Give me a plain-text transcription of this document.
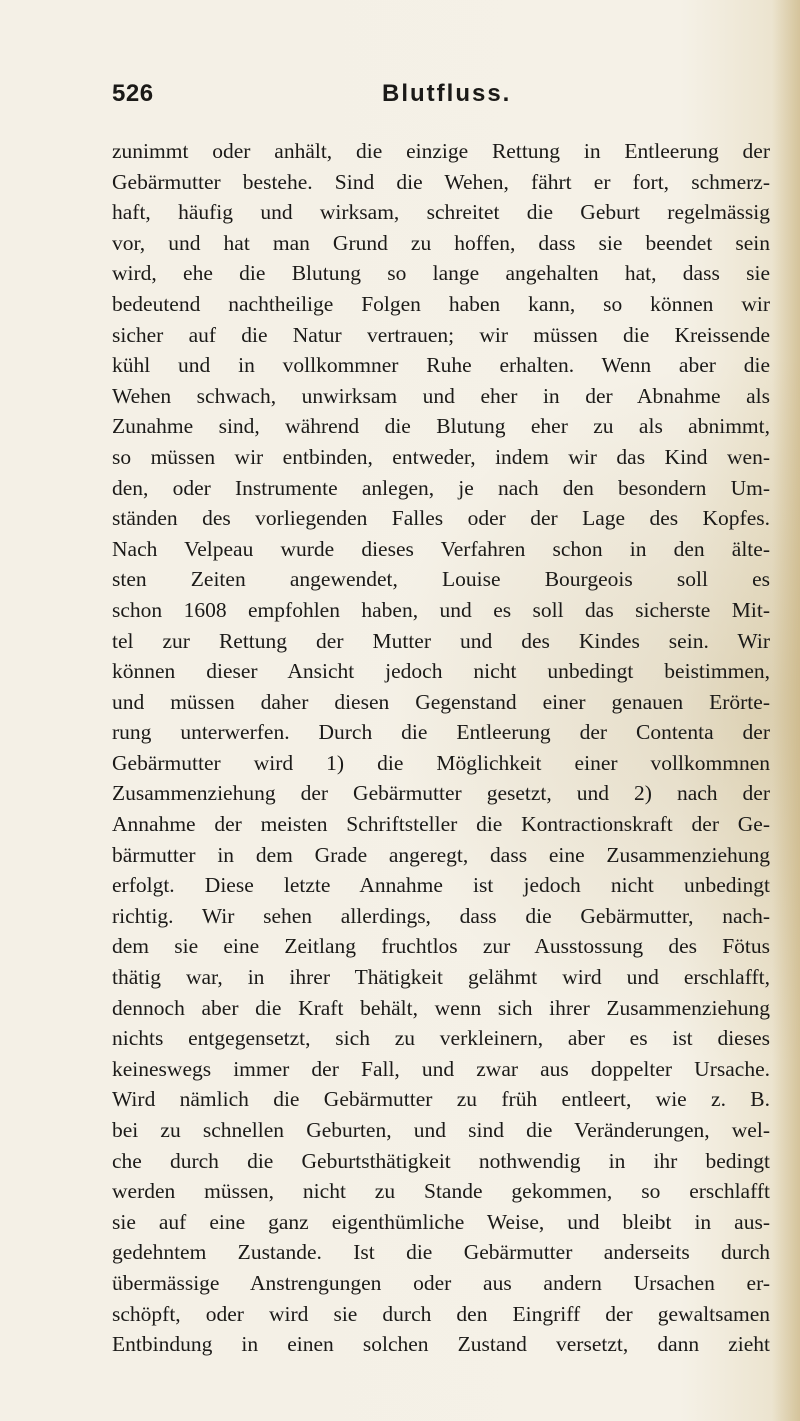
526	Blutfluss.
zunimmt oder anhält, die einzige Rettung in Entleerung der
Gebärmutter bestehe. Sind die Wehen, fährt er fort, schmerz-
haft, häufig und wirksam, schreitet die Geburt regelmässig
vor, und hat man Grund zu hoffen, dass sie beendet sein
wird, ehe die Blutung so lange angehalten hat, dass sie
bedeutend nachtheilige Folgen haben kann, so können wir
sicher auf die Natur vertrauen; wir müssen die Kreissende
kühl und in vollkommner Ruhe erhalten. Wenn aber die
Wehen schwach, unwirksam und eher in der Abnahme als
Zunahme sind, während die Blutung eher zu als abnimmt,
so müssen wir entbinden, entweder, indem wir das Kind wen-
den, oder Instrumente anlegen, je nach den besondern Um-
ständen des vorliegenden Falles oder der Lage des Kopfes.
Nach Velpeau wurde dieses Verfahren schon in den älte-
sten Zeiten angewendet, Louise Bourgeois soll es
schon 1608 empfohlen haben, und es soll das sicherste Mit-
tel zur Rettung der Mutter und des Kindes sein. Wir
können dieser Ansicht jedoch nicht unbedingt beistimmen,
und müssen daher diesen Gegenstand einer genauen Erörte-
rung unterwerfen. Durch die Entleerung der Contenta der
Gebärmutter wird 1) die Möglichkeit einer vollkommnen
Zusammenziehung der Gebärmutter gesetzt, und 2) nach der
Annahme der meisten Schriftsteller die Kontractionskraft der Ge-
bärmutter in dem Grade angeregt, dass eine Zusammenziehung
erfolgt. Diese letzte Annahme ist jedoch nicht unbedingt
richtig. Wir sehen allerdings, dass die Gebärmutter, nach-
dem sie eine Zeitlang fruchtlos zur Ausstossung des Fötus
thätig war, in ihrer Thätigkeit gelähmt wird und erschlafft,
dennoch aber die Kraft behält, wenn sich ihrer Zusammenziehung
nichts entgegensetzt, sich zu verkleinern, aber es ist dieses
keineswegs immer der Fall, und zwar aus doppelter Ursache.
Wird nämlich die Gebärmutter zu früh entleert, wie z. B.
bei zu schnellen Geburten, und sind die Veränderungen, wel-
che durch die Geburtsthätigkeit nothwendig in ihr bedingt
werden müssen, nicht zu Stande gekommen, so erschlafft
sie auf eine ganz eigenthümliche Weise, und bleibt in aus-
gedehntem Zustande. Ist die Gebärmutter anderseits durch
übermässige Anstrengungen oder aus andern Ursachen er-
schöpft, oder wird sie durch den Eingriff der gewaltsamen
Entbindung in einen solchen Zustand versetzt, dann zieht
